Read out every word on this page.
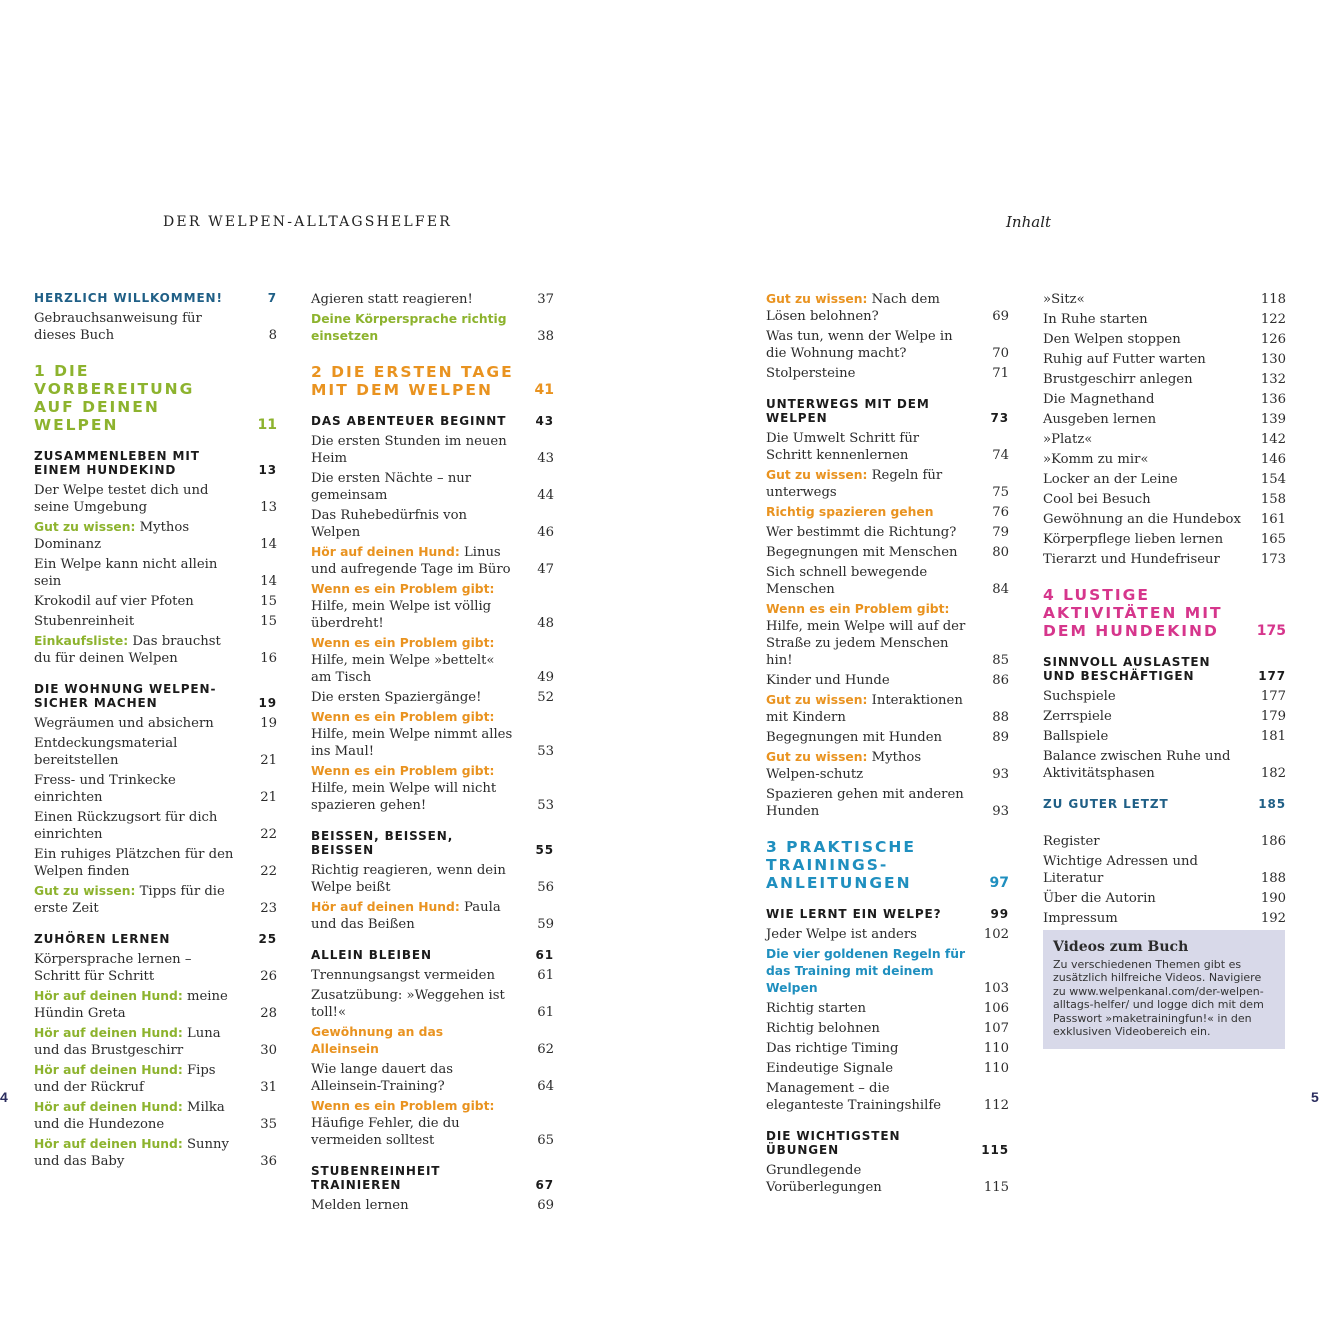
DER WELPEN-ALLTAGSHELFER	Inhalt
HERZLICH WILLKOMMEN!	7
Gebrauchsanweisung für dieses Buch	8
1 DIE VORBEREITUNG AUF DEINEN WELPEN	11
ZUSAMMENLEBEN MIT EINEM HUNDEKIND	13
Der Welpe testet dich und seine Umgebung	13
Gut zu wissen: Mythos Dominanz	14
Ein Welpe kann nicht allein sein	14
Krokodil auf vier Pfoten	15
Stubenreinheit	15
Einkaufsliste: Das brauchst du für deinen Welpen	16
DIE WOHNUNG WELPEN-SICHER MACHEN	19
Wegräumen und absichern	19
Entdeckungsmaterial bereitstellen	21
Fress- und Trinkecke einrichten	21
Einen Rückzugsort für dich einrichten	22
Ein ruhiges Plätzchen für den Welpen finden	22
Gut zu wissen: Tipps für die erste Zeit	23
ZUHÖREN LERNEN	25
Körpersprache lernen – Schritt für Schritt	26
Hör auf deinen Hund: meine Hündin Greta	28
Hör auf deinen Hund: Luna und das Brustgeschirr	30
Hör auf deinen Hund: Fips und der Rückruf	31
Hör auf deinen Hund: Milka und die Hundezone	35
Hör auf deinen Hund: Sunny und das Baby	36
Agieren statt reagieren!	37
Deine Körpersprache richtig einsetzen	38
2 DIE ERSTEN TAGE MIT DEM WELPEN	41
DAS ABENTEUER BEGINNT	43
Die ersten Stunden im neuen Heim	43
Die ersten Nächte – nur gemeinsam	44
Das Ruhebedürfnis von Welpen	46
Hör auf deinen Hund: Linus und aufregende Tage im Büro	47
Wenn es ein Problem gibt: Hilfe, mein Welpe ist völlig überdreht!	48
Wenn es ein Problem gibt: Hilfe, mein Welpe »bettelt« am Tisch	49
Die ersten Spaziergänge!	52
Wenn es ein Problem gibt: Hilfe, mein Welpe nimmt alles ins Maul!	53
Wenn es ein Problem gibt: Hilfe, mein Welpe will nicht spazieren gehen!	53
BEISSEN, BEISSEN, BEISSEN	55
Richtig reagieren, wenn dein Welpe beißt	56
Hör auf deinen Hund: Paula und das Beißen	59
ALLEIN BLEIBEN	61
Trennungsangst vermeiden	61
Zusatzübung: »Weggehen ist toll!«	61
Gewöhnung an das Alleinsein	62
Wie lange dauert das Alleinsein-Training?	64
Wenn es ein Problem gibt: Häufige Fehler, die du vermeiden solltest	65
STUBENREINHEIT TRAINIEREN	67
Melden lernen	69
Gut zu wissen: Nach dem Lösen belohnen?	69
Was tun, wenn der Welpe in die Wohnung macht?	70
Stolpersteine	71
UNTERWEGS MIT DEM WELPEN	73
Die Umwelt Schritt für Schritt kennenlernen	74
Gut zu wissen: Regeln für unterwegs	75
Richtig spazieren gehen	76
Wer bestimmt die Richtung?	79
Begegnungen mit Menschen	80
Sich schnell bewegende Menschen	84
Wenn es ein Problem gibt: Hilfe, mein Welpe will auf der Straße zu jedem Menschen hin!	85
Kinder und Hunde	86
Gut zu wissen: Interaktionen mit Kindern	88
Begegnungen mit Hunden	89
Gut zu wissen: Mythos Welpen-schutz	93
Spazieren gehen mit anderen Hunden	93
3 PRAKTISCHE TRAININGS-ANLEITUNGEN	97
WIE LERNT EIN WELPE?	99
Jeder Welpe ist anders	102
Die vier goldenen Regeln für das Training mit deinem Welpen	103
Richtig starten	106
Richtig belohnen	107
Das richtige Timing	110
Eindeutige Signale	110
Management – die eleganteste Trainingshilfe	112
DIE WICHTIGSTEN ÜBUNGEN	115
Grundlegende Vorüberlegungen	115
»Sitz«	118
In Ruhe starten	122
Den Welpen stoppen	126
Ruhig auf Futter warten	130
Brustgeschirr anlegen	132
Die Magnethand	136
Ausgeben lernen	139
»Platz«	142
»Komm zu mir«	146
Locker an der Leine	154
Cool bei Besuch	158
Gewöhnung an die Hundebox	161
Körperpflege lieben lernen	165
Tierarzt und Hundefriseur	173
4 LUSTIGE AKTIVITÄTEN MIT DEM HUNDEKIND	175
SINNVOLL AUSLASTEN UND BESCHÄFTIGEN	177
Suchspiele	177
Zerrspiele	179
Ballspiele	181
Balance zwischen Ruhe und Aktivitätsphasen	182
ZU GUTER LETZT	185
Register	186
Wichtige Adressen und Literatur	188
Über die Autorin	190
Impressum	192
Videos zum Buch
Zu verschiedenen Themen gibt es zusätzlich hilfreiche Videos. Navigiere zu www.welpenkanal.com/der-welpen-alltags-helfer/ und logge dich mit dem Passwort »maketrainingfun!« in den exklusiven Videobereich ein.
4	5
